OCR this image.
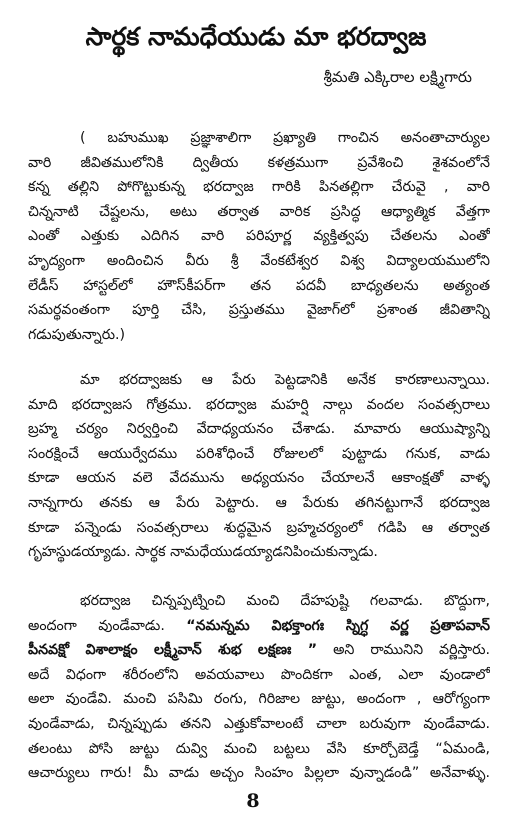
సార్థక నామధేయుడు మా భరద్వాజ
శ్రీమతి ఎక్కిరాల లక్ష్మిగారు
( బహుముఖ ప్రజ్ఞాశాలిగా ప్రఖ్యాతి గాంచిన అనంతాచార్యుల
వారి జీవితములోనికి ద్వితీయ కళత్రముగా ప్రవేశించి శైశవంలోనే
కన్న తల్లిని పోగొట్టుకున్న భరద్వాజ గారికి పినతల్లిగా చేరువై , వారి
చిన్ననాటి చేష్టలను, అటు తర్వాత వారిక ప్రసిద్ధ ఆధ్యాత్మిక వేత్తగా
ఎంతో ఎత్తుకు ఎదిగిన వారి పరిపూర్ణ వ్యక్తిత్వపు చేతలను ఎంతో
హృద్యంగా అందించిన వీరు శ్రీ వేంకటేశ్వర విశ్వ విద్యాలయములోని
లేడీస్ హాస్టల్‌లో హౌస్‌కీపర్‌గా తన పదవీ బాధ్యతలను అత్యంత
సమర్థవంతంగా పూర్తి చేసి, ప్రస్తుతము వైజాగ్‌లో ప్రశాంత జీవితాన్ని
గడుపుతున్నారు.)
మా భరద్వాజకు ఆ పేరు పెట్టడానికి అనేక కారణాలున్నాయి.
మాది భరద్వాజస గోత్రము. భరద్వాజ మహర్షి నాల్గు వందల సంవత్సరాలు
బ్రహ్మ చర్యం నిర్వర్తించి వేదాధ్యయనం చేశాడు. మావారు ఆయుష్యాన్ని
సంరక్షించే ఆయుర్వేదము పరిశోధించే రోజులలో పుట్టాడు గనుక, వాడు
కూడా ఆయన వలె వేదమును అధ్యయనం చేయాలనే ఆకాంక్షతో వాళ్ళ
నాన్నగారు తనకు ఆ పేరు పెట్టారు. ఆ పేరుకు తగినట్టుగానే భరద్వాజ
కూడా పన్నెండు సంవత్సరాలు శుద్ధమైన బ్రహ్మచర్యంలో గడిపి ఆ తర్వాత
గృహస్థుడయ్యాడు. సార్థక నామధేయుడయ్యాడనిపించుకున్నాడు.
భరద్వాజ చిన్నప్పట్నించి మంచి దేహపుష్టి గలవాడు. బొద్దుగా,
అందంగా వుండేవాడు. “నమన్నమ విభక్తాంగః స్నిగ్ధ వర్ణ ప్రతాపవాన్
పీనవక్షో విశాలాక్షం లక్ష్మీవాన్ శుభ లక్షణః ” అని రామునిని వర్ణిస్తారు.
అదే విధంగా శరీరంలోని అవయవాలు పొందికగా ఎంత, ఎలా వుండాలో
అలా వుండేవి. మంచి పసిమి రంగు, గిరిజాల జుట్టు, అందంగా , ఆరోగ్యంగా
వుండేవాడు, చిన్నప్పుడు తనని ఎత్తుకోవాలంటే చాలా బరువుగా వుండేవాడు.
తలంటు పోసి జుట్టు దువ్వి మంచి బట్టలు వేసి కూర్చోబెడ్తే “ఏమండి,
ఆచార్యులు గారు! మీ వాడు అచ్చం సింహం పిల్లలా వున్నాడండి” అనేవాళ్ళు.
8
